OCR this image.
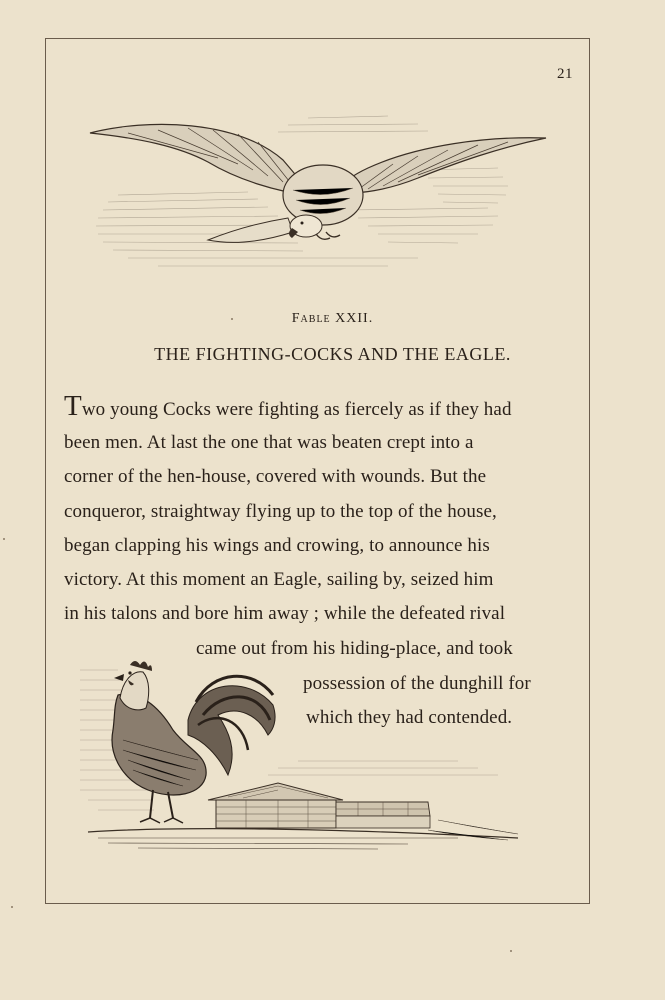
21
Fable XXII.
THE FIGHTING-COCKS AND THE EAGLE.
Two young Cocks were fighting as fiercely as if they had
been men. At last the one that was beaten crept into a
corner of the hen-house, covered with wounds. But the
conqueror, straightway flying up to the top of the house,
began clapping his wings and crowing, to announce his
victory. At this moment an Eagle, sailing by, seized him
in his talons and bore him away ; while the defeated rival
came out from his hiding-place, and took
possession of the dunghill for
which they had contended.
